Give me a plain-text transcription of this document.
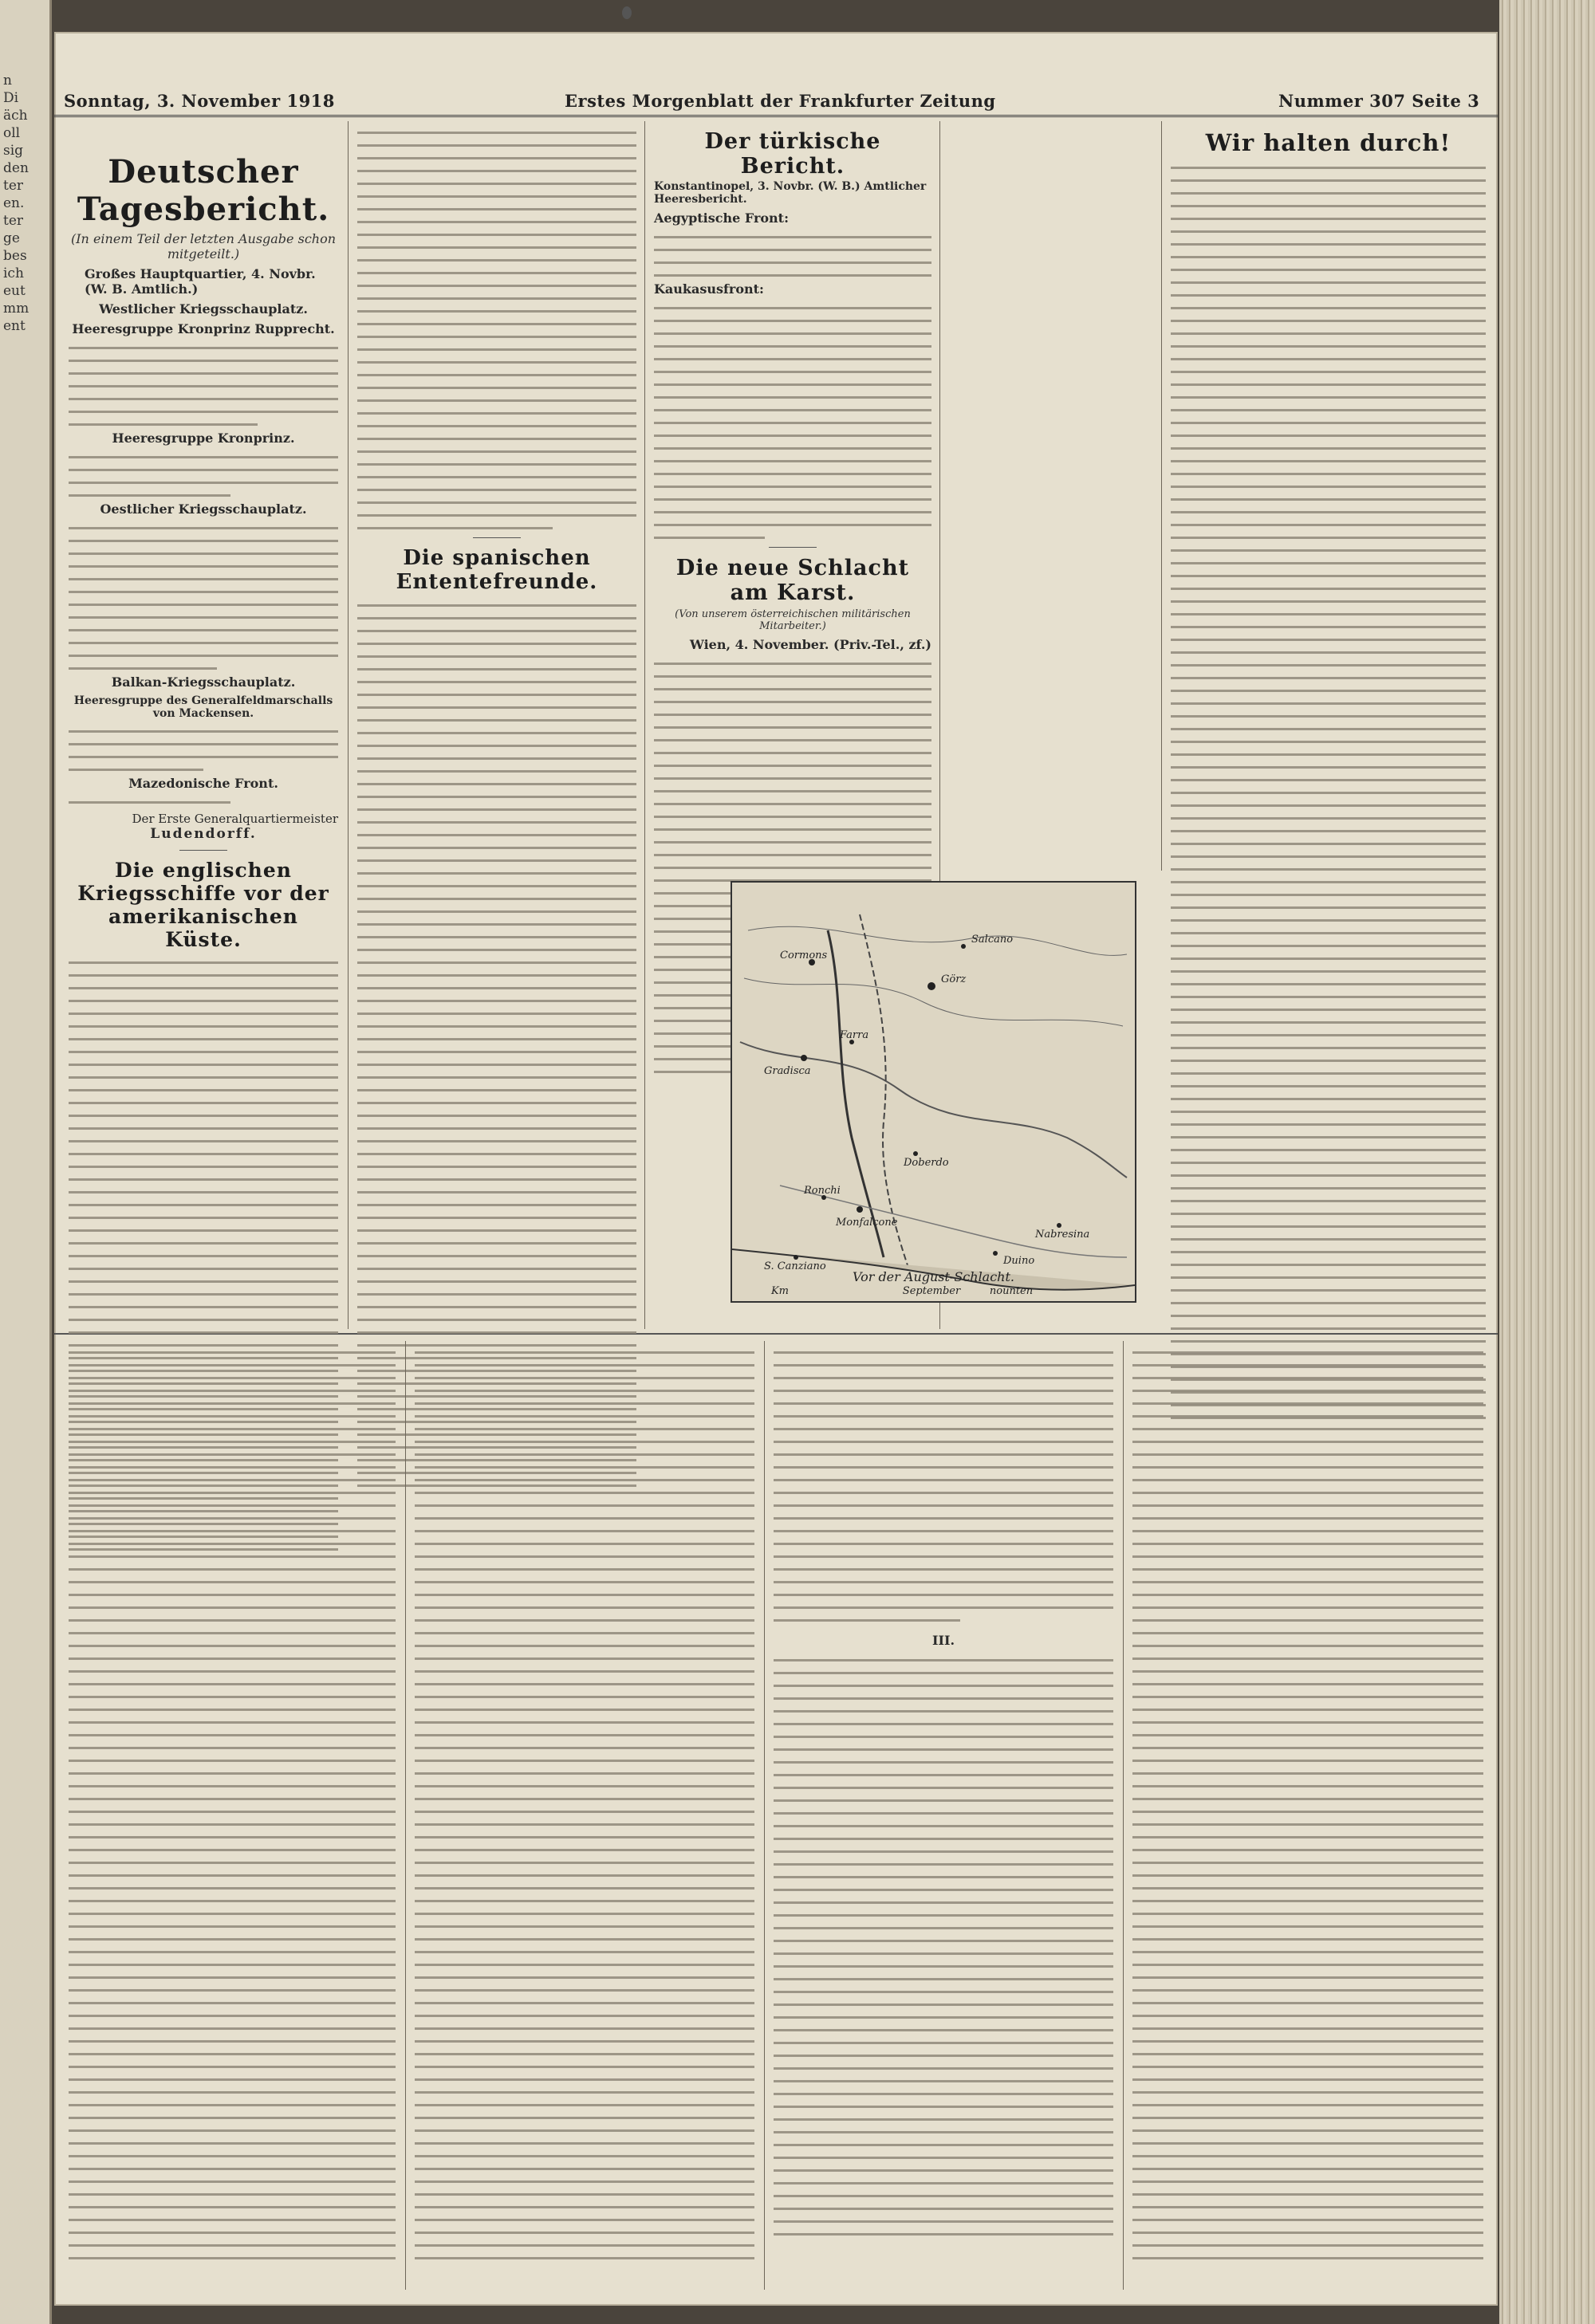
n
Di
äch
oll
sig
den
ter
en.
ter
ge
bes
ich
eut
mm
ent
Sonntag, 3. November 1918	Erstes Morgenblatt der Frankfurter Zeitung	Nummer 307 Seite 3
Deutscher Tagesbericht.
(In einem Teil der letzten Ausgabe schon mitgeteilt.)
Großes Hauptquartier, 4. Novbr. (W. B. Amtlich.)
Westlicher Kriegsschauplatz.
Heeresgruppe Kronprinz Rupprecht.
Heeresgruppe Kronprinz.
Oestlicher Kriegsschauplatz.
Balkan-Kriegsschauplatz.
Heeresgruppe des Generalfeldmarschalls von Mackensen.
Mazedonische Front.
Der Erste Generalquartiermeister
Ludendorff.
Die englischen Kriegsschiffe vor der amerikanischen Küste.
Die spanischen Ententefreunde.
Der türkische Bericht.
Konstantinopel, 3. Novbr. (W. B.) Amtlicher Heeresbericht.
Aegyptische Front:
Kaukasusfront:
Die neue Schlacht am Karst.
(Von unserem österreichischen militärischen Mitarbeiter.)
Wien, 4. November. (Priv.-Tel., zf.)
Cormons
Gradisca
Farra
Görz
Monfalcone
Duino
S. Canziano
Ronchi
Doberdo
Salcano
Nabresina
Vor der August-Schlacht.
September	nounten
Km
Wir halten durch!
III.
